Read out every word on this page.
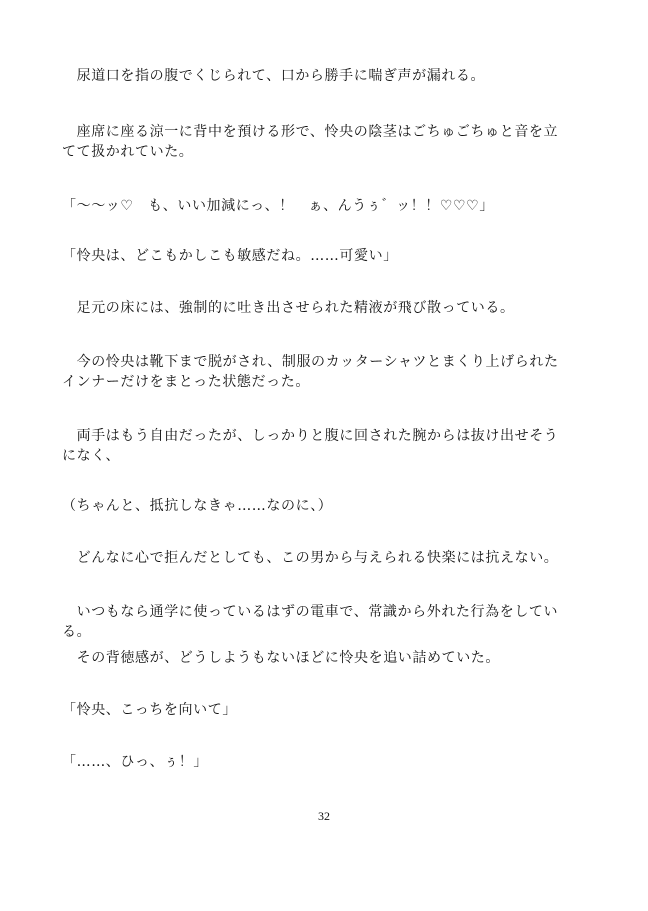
　尿道口を指の腹でくじられて、口から勝手に喘ぎ声が漏れる。
　座席に座る涼一に背中を預ける形で、怜央の陰茎はごちゅごちゅと音を立
てて扱かれていた。
「〜〜ッ♡　も、いい加減にっ、！　ぁ、んうぅ゛ッ！！♡♡♡」
「怜央は、どこもかしこも敏感だね。……可愛い」
　足元の床には、強制的に吐き出させられた精液が飛び散っている。
　今の怜央は靴下まで脱がされ、制服のカッターシャツとまくり上げられた
インナーだけをまとった状態だった。
　両手はもう自由だったが、しっかりと腹に回された腕からは抜け出せそう
になく、
（ちゃんと、抵抗しなきゃ……なのに、）
　どんなに心で拒んだとしても、この男から与えられる快楽には抗えない。
　いつもなら通学に使っているはずの電車で、常識から外れた行為をしてい
る。
　その背徳感が、どうしようもないほどに怜央を追い詰めていた。
「怜央、こっちを向いて」
「……、ひっ、ぅ！」
32
